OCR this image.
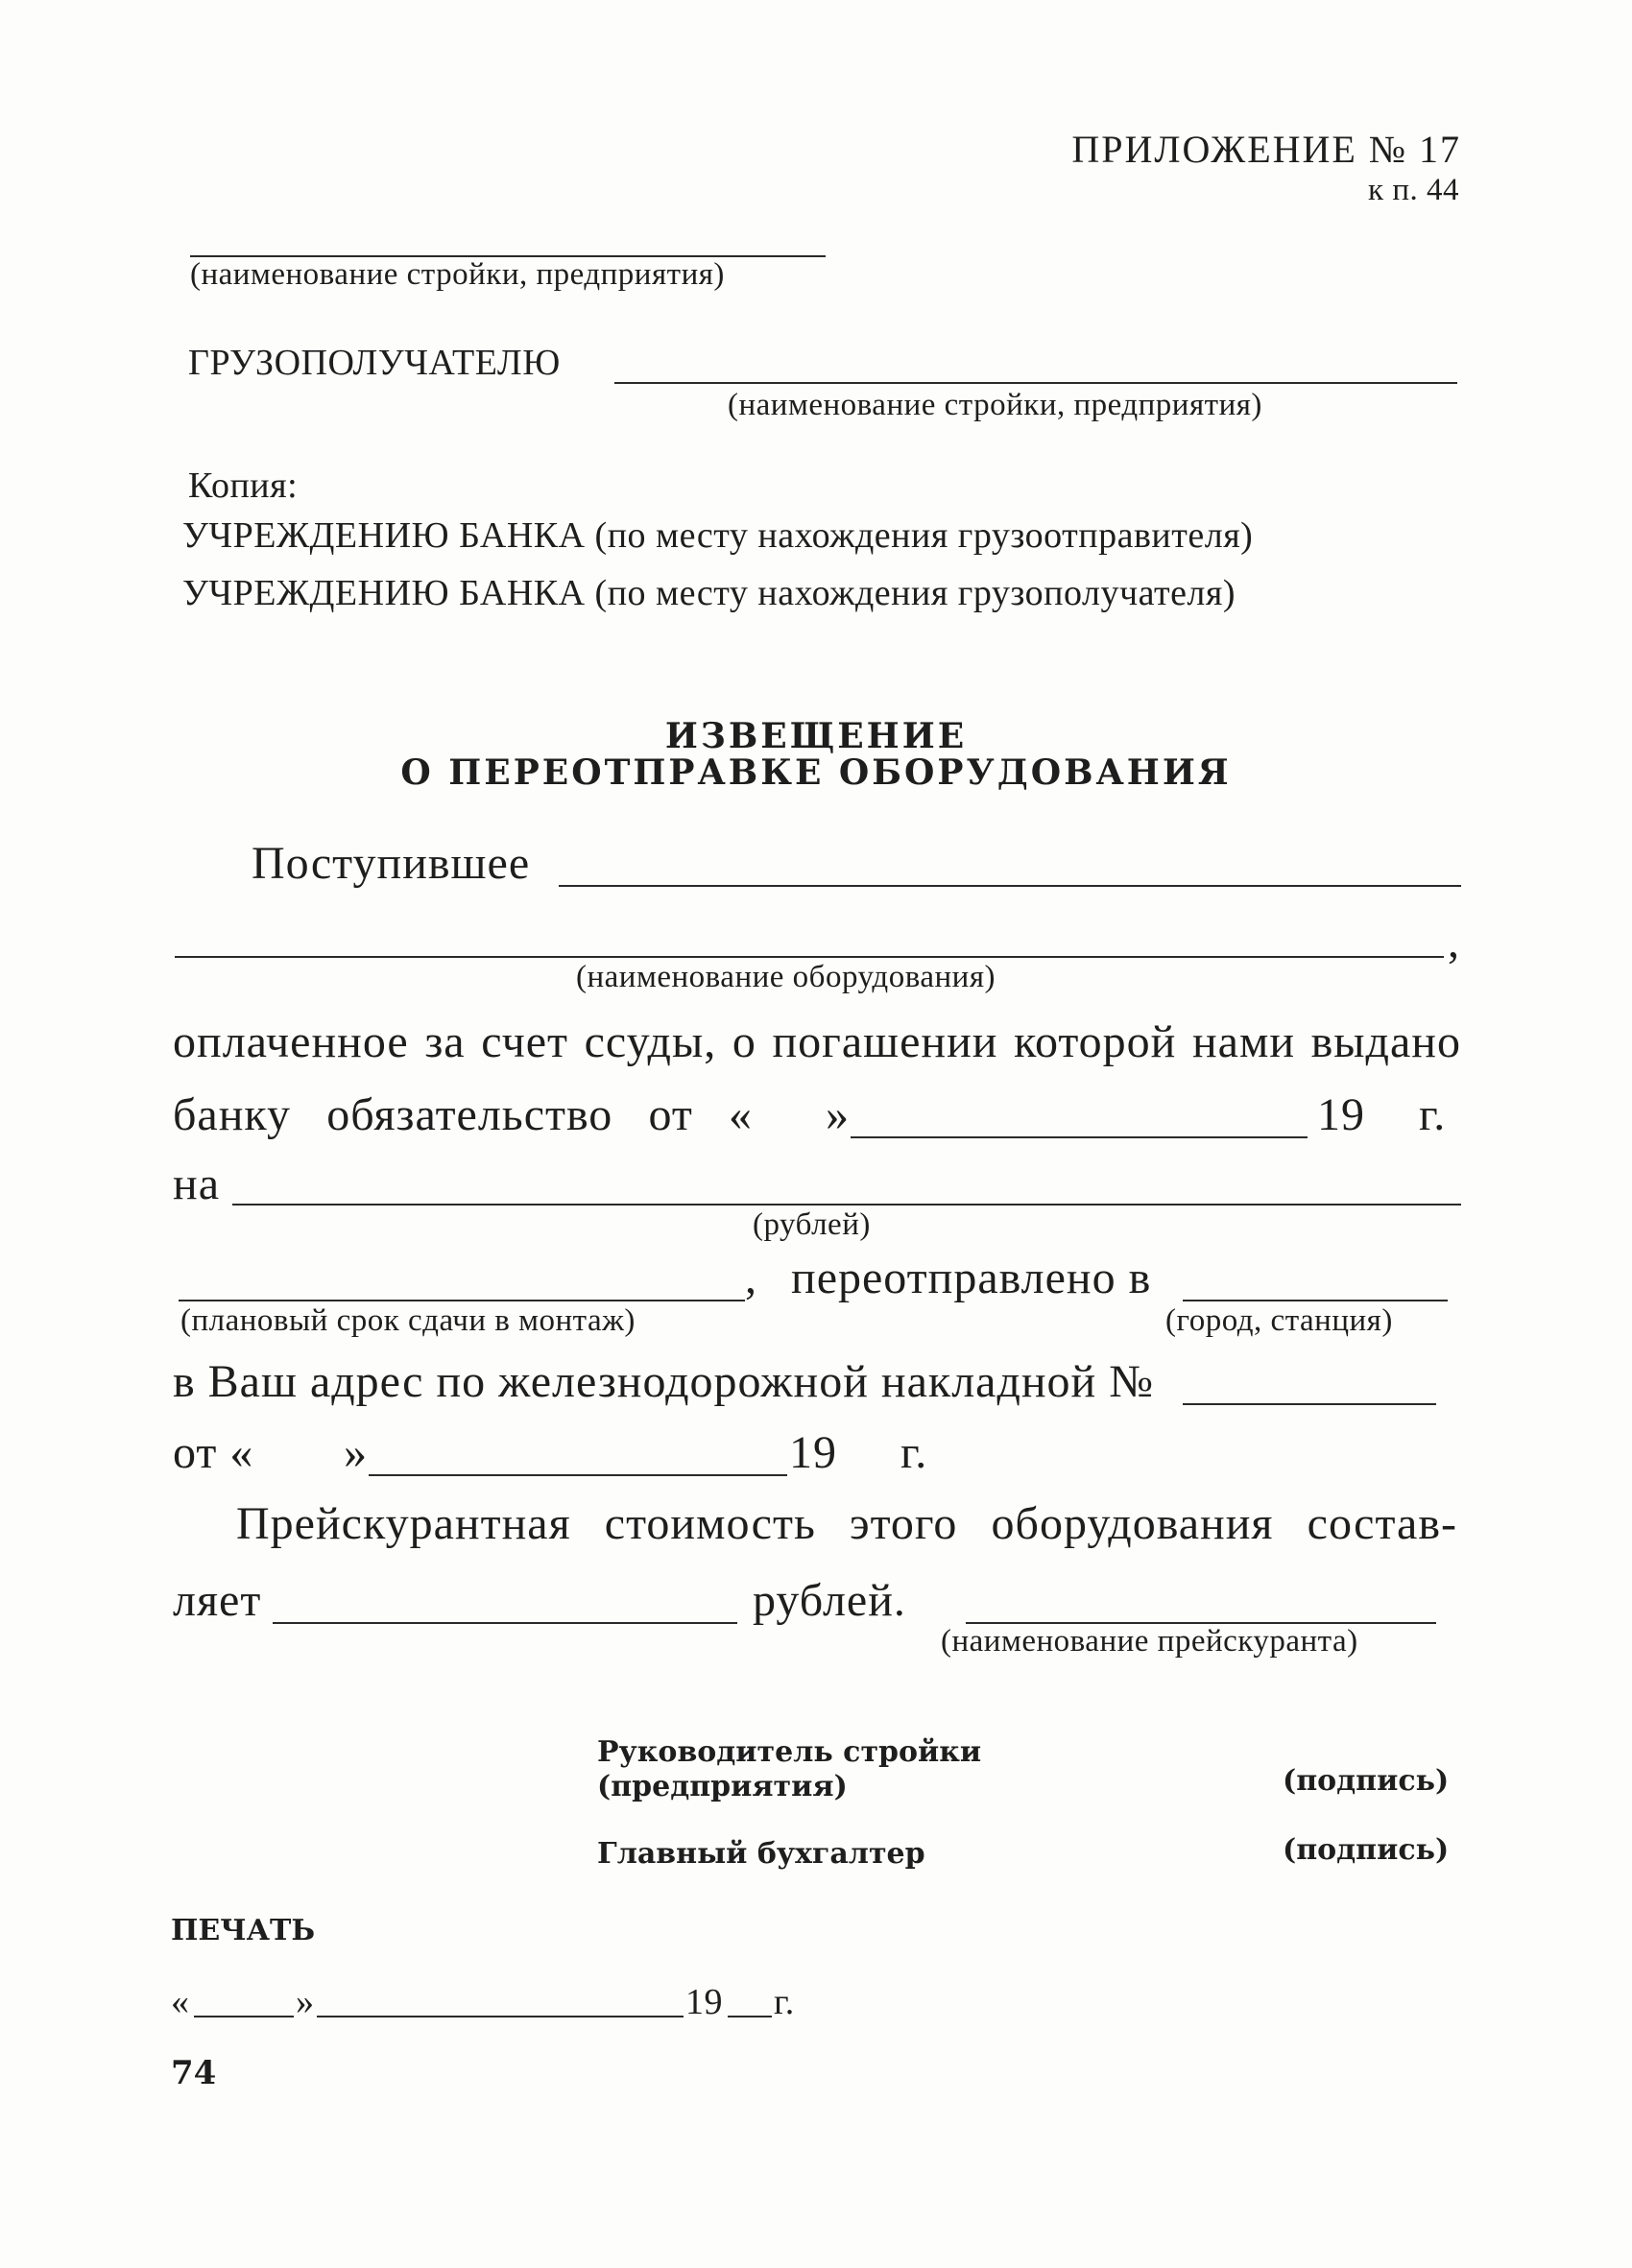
ПРИЛОЖЕНИЕ № 17
к п. 44
(наименование стройки, предприятия)
ГРУЗОПОЛУЧАТЕЛЮ
(наименование стройки, предприятия)
Копия:
УЧРЕЖДЕНИЮ БАНКА (по месту нахождения грузоотправителя)
УЧРЕЖДЕНИЮ БАНКА (по месту нахождения грузополучателя)
ИЗВЕЩЕНИЕ
О ПЕРЕОТПРАВКЕ ОБОРУДОВАНИЯ
Поступившее
,
(наименование оборудования)
оплаченное за счет ссуды, о погашении которой нами выдано
банку обязательство от « »	19 г.
на
(рублей)
, переотправлено в
(плановый срок сдачи в монтаж)	(город, станция)
в Ваш адрес по железнодорожной накладной №
от « »	19 г.
Прейскурантная стоимость этого оборудования состав-
ляет	рублей.
(наименование прейскуранта)
Руководитель стройки
(предприятия)	(подпись)
Главный бухгалтер	(подпись)
ПЕЧАТЬ
«	»	19 г.
74
